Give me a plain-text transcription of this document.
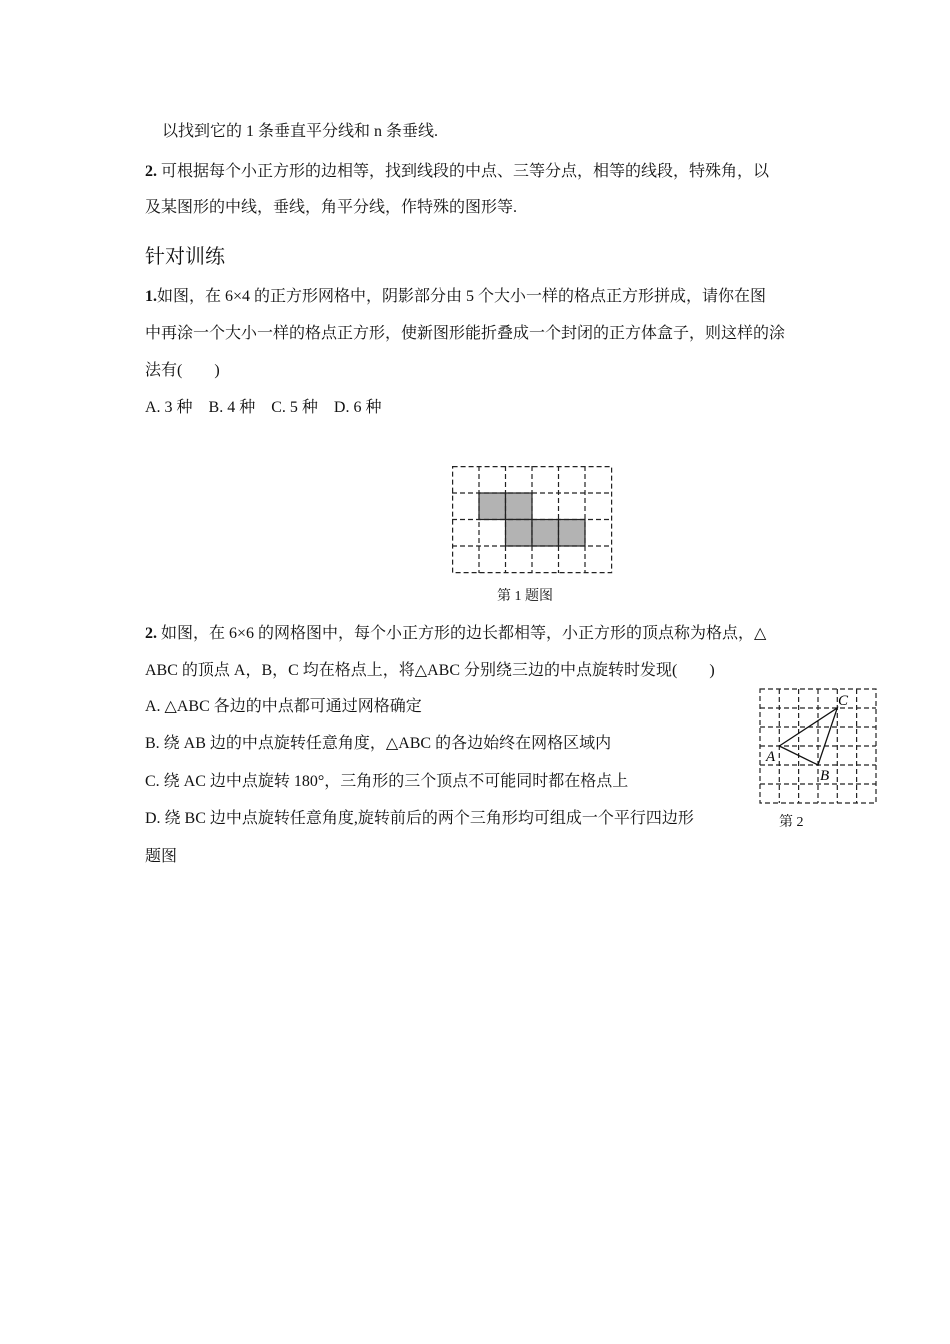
以找到它的 1 条垂直平分线和 n 条垂线.
2. 可根据每个小正方形的边相等，找到线段的中点、三等分点，相等的线段，特殊角，以
及某图形的中线，垂线，角平分线，作特殊的图形等.
针对训练
1.如图，在 6×4 的正方形网格中，阴影部分由 5 个大小一样的格点正方形拼成，请你在图
中再涂一个大小一样的格点正方形，使新图形能折叠成一个封闭的正方体盒子，则这样的涂
法有(　　)
A. 3 种　B. 4 种　C. 5 种　D. 6 种
第 1 题图
2. 如图，在 6×6 的网格图中，每个小正方形的边长都相等，小正方形的顶点称为格点，△
ABC 的顶点 A，B，C 均在格点上，将△ABC 分别绕三边的中点旋转时发现(　　)
A. △ABC 各边的中点都可通过网格确定
B. 绕 AB 边的中点旋转任意角度，△ABC 的各边始终在网格区域内
C. 绕 AC 边中点旋转 180°，三角形的三个顶点不可能同时都在格点上
D. 绕 BC 边中点旋转任意角度,旋转前后的两个三角形均可组成一个平行四边形
题图
A
B
C
第 2
